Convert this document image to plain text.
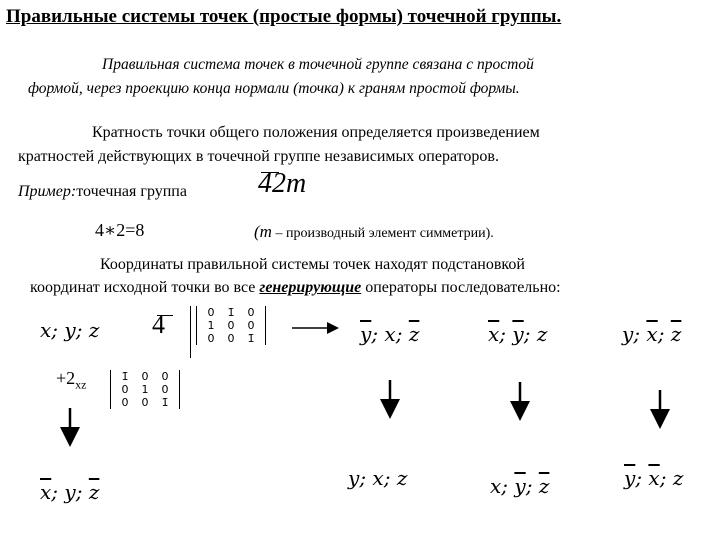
Правильные системы точек (простые формы) точечной группы.
Правильная система точек в точечной группе связана с простой
формой, через проекцию конца нормали (точка) к граням простой формы.
Кратность точки общего положения определяется произведением
кратностей действующих в точечной группе независимых операторов.
Пример:точечная группа	42m
4∗2=8	(m – производный элемент симметрии).
Координаты правильной системы точек находят подстановкой
координат исходной точки во все генерирующие операторы последовательно:
4	0	1̄	0
1	0	0
0	0	1̄
$+2_{xz}$
1̄	0	0
0	1	0
0	0	1̄
x; y; z	$\overline{y}$; x; $\overline{z}$	$\overline{x}$; $\overline{y}$; z	y; $\overline{x}$; $\overline{z}$
$\overline{x}$; y; $\overline{z}$
y; x; z	x; $\overline{y}$; $\overline{z}$	$\overline{y}$; $\overline{x}$; z
